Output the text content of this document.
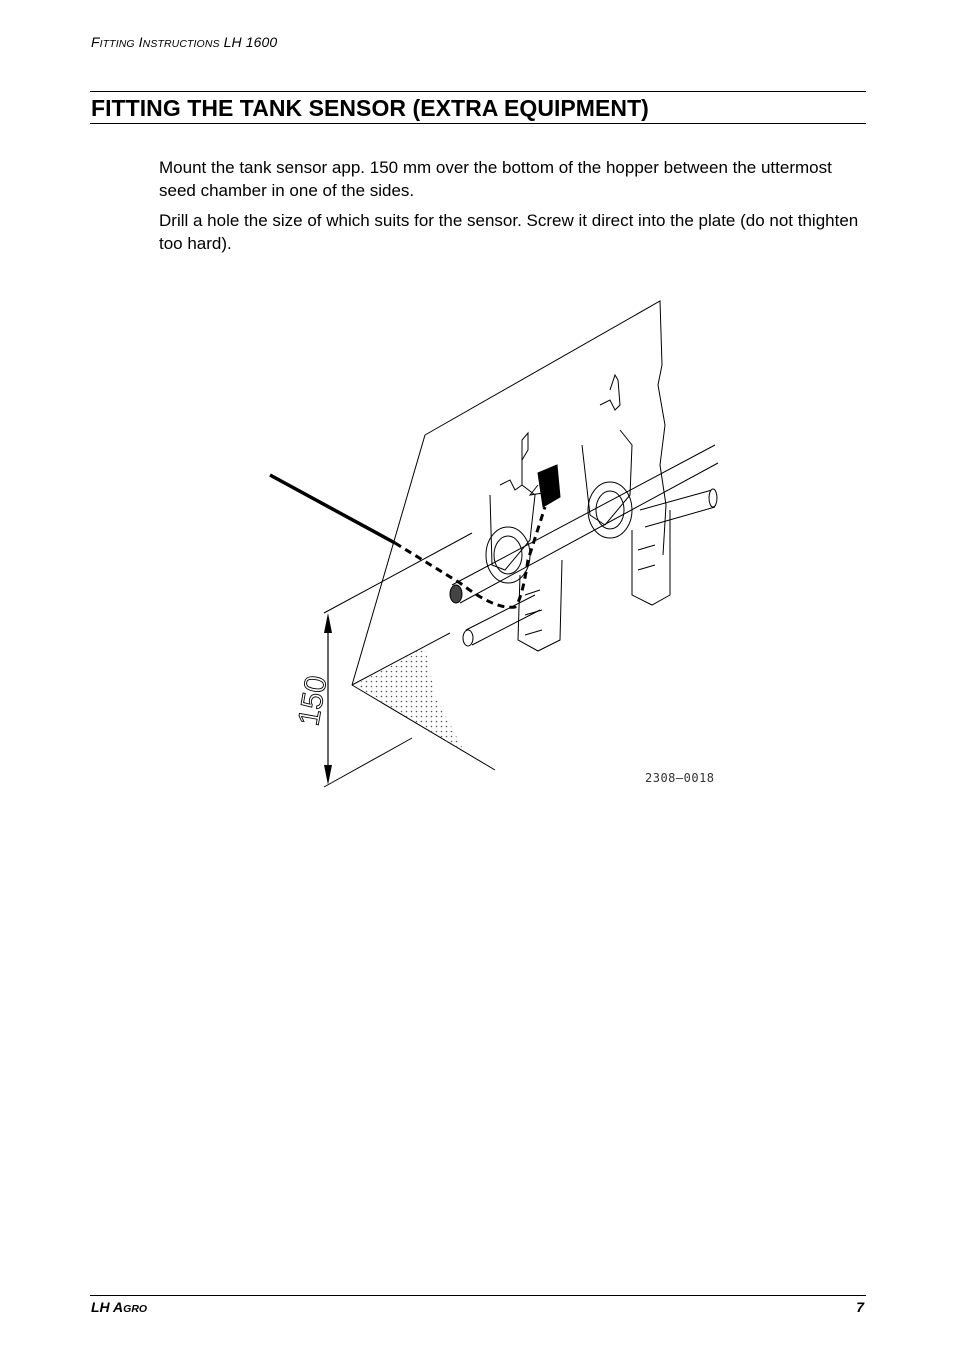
FITTING INSTRUCTIONS LH 1600
FITTING THE TANK SENSOR (EXTRA EQUIPMENT)

Mount the tank sensor app. 150 mm over the bottom of the hopper between the uttermost seed chamber in one of the sides.

Drill a hole the size of which suits for the sensor. Screw it direct into the plate (do not thighten too hard).

150
2308—0018
LH AGRO	7
